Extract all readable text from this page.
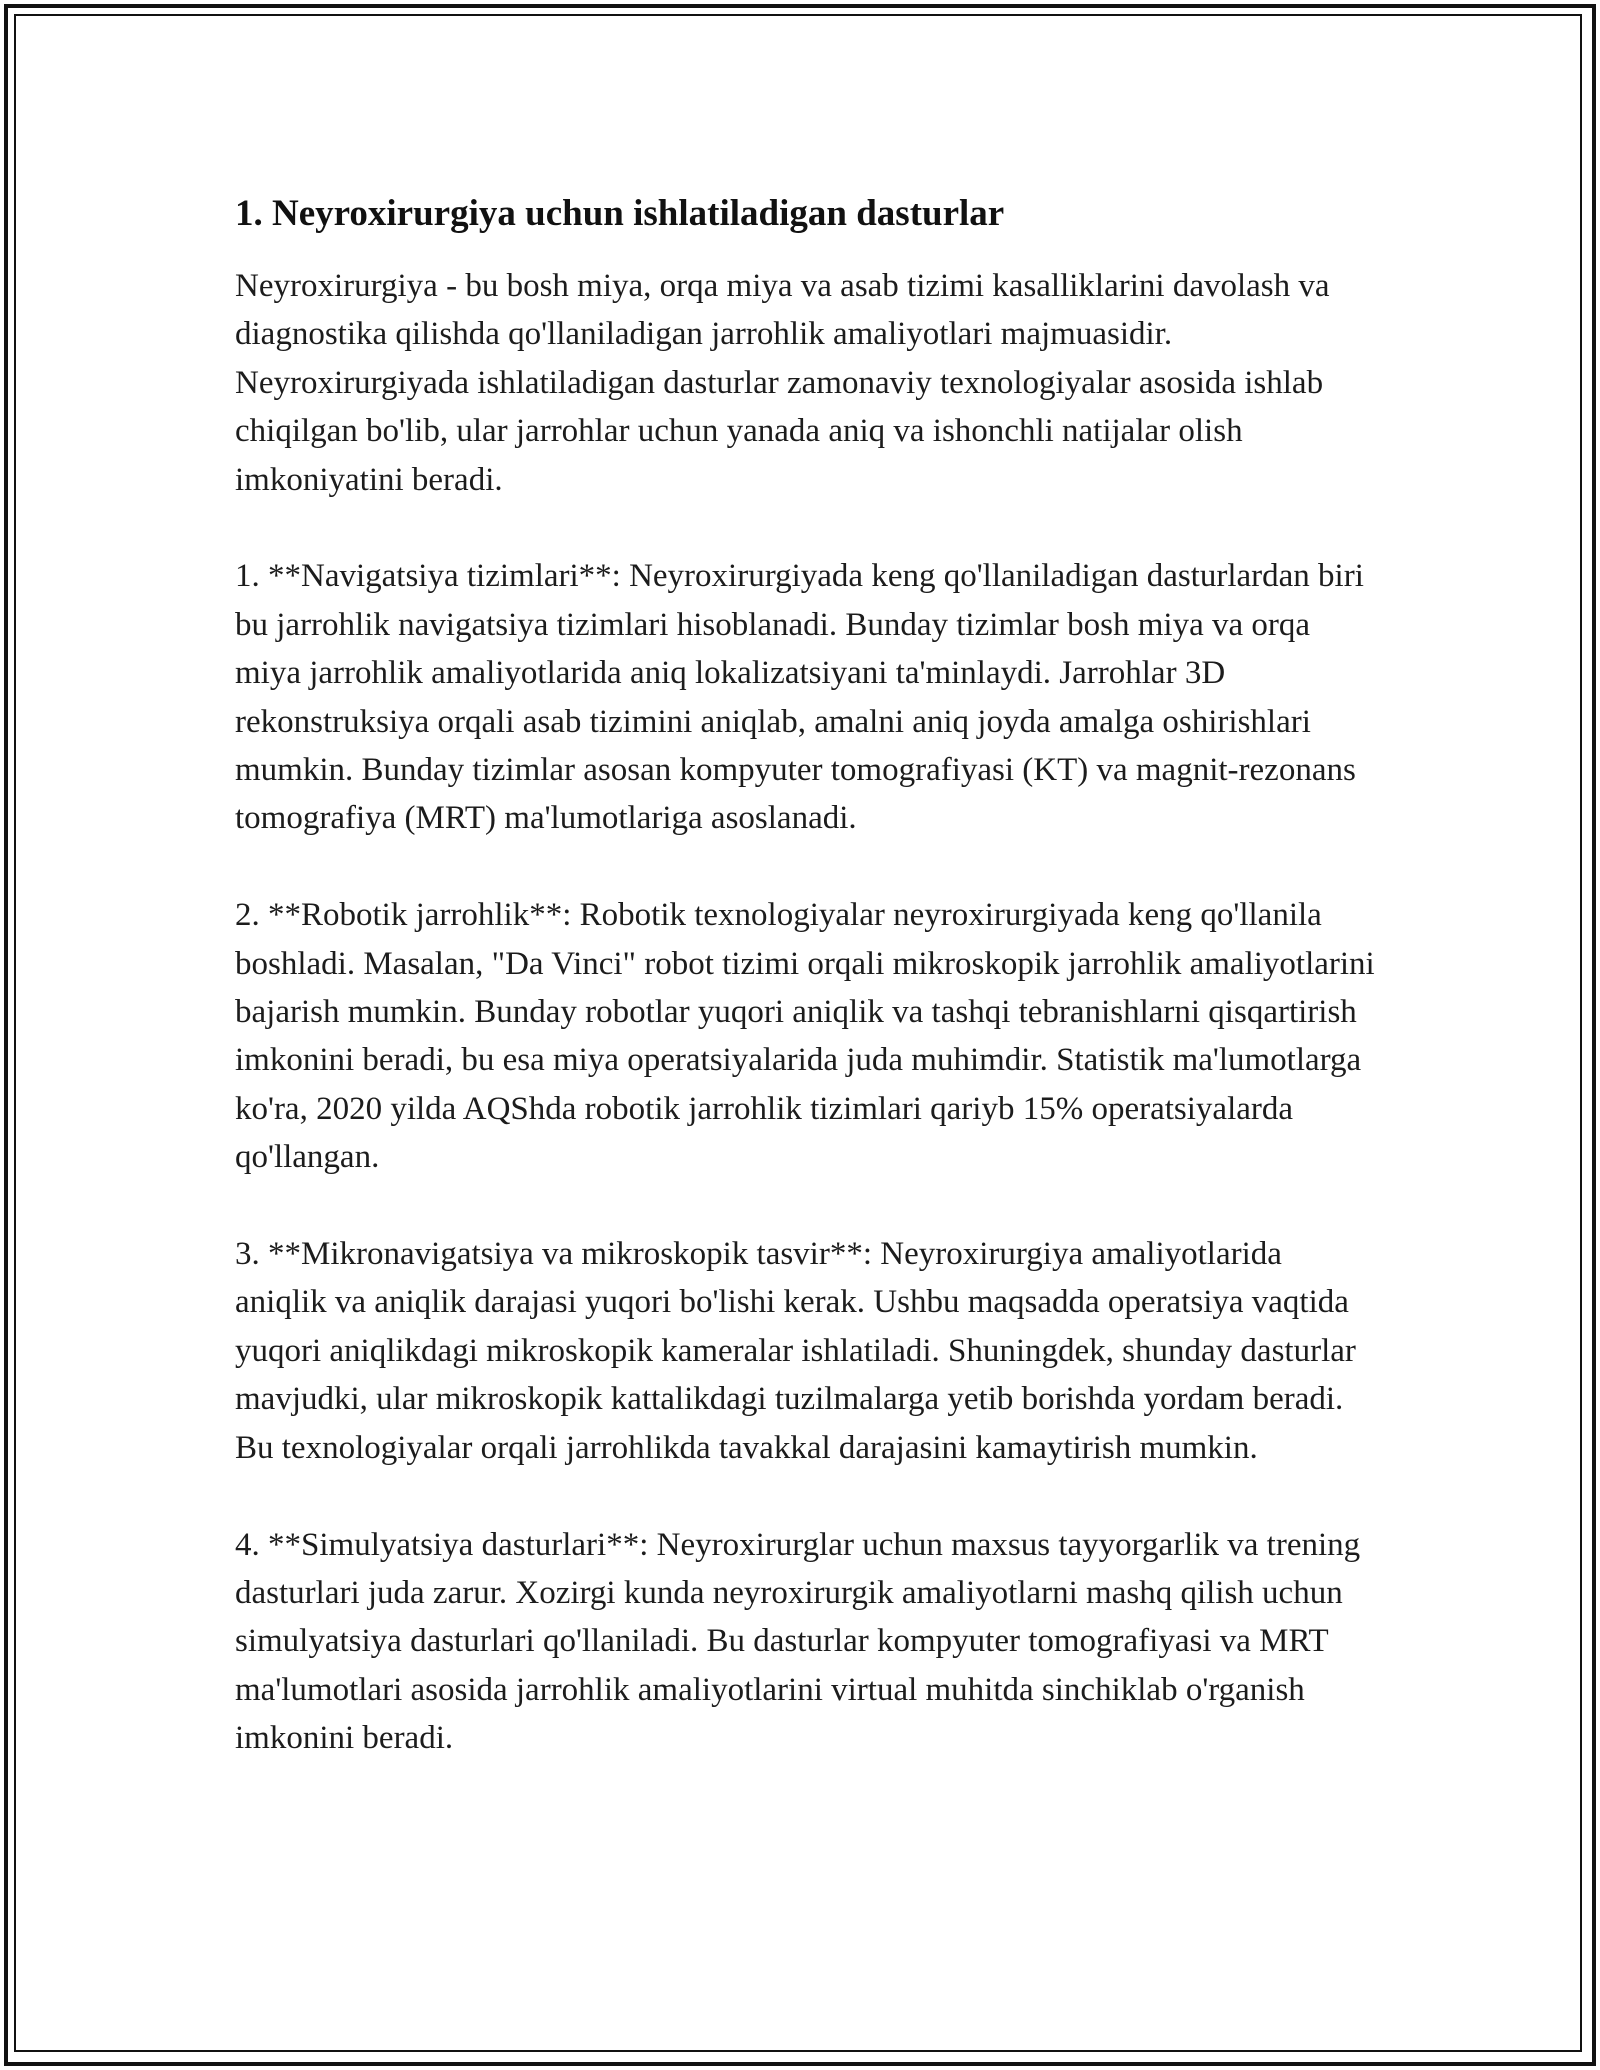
1. Neyroxirurgiya uchun ishlatiladigan dasturlar

Neyroxirurgiya - bu bosh miya, orqa miya va asab tizimi kasalliklarini davolash va diagnostika qilishda qo'llaniladigan jarrohlik amaliyotlari majmuasidir. Neyroxirurgiyada ishlatiladigan dasturlar zamonaviy texnologiyalar asosida ishlab chiqilgan bo'lib, ular jarrohlar uchun yanada aniq va ishonchli natijalar olish imkoniyatini beradi.

1. **Navigatsiya tizimlari**: Neyroxirurgiyada keng qo'llaniladigan dasturlardan biri bu jarrohlik navigatsiya tizimlari hisoblanadi. Bunday tizimlar bosh miya va orqa miya jarrohlik amaliyotlarida aniq lokalizatsiyani ta'minlaydi. Jarrohlar 3D rekonstruksiya orqali asab tizimini aniqlab, amalni aniq joyda amalga oshirishlari mumkin. Bunday tizimlar asosan kompyuter tomografiyasi (KT) va magnit-rezonans tomografiya (MRT) ma'lumotlariga asoslanadi.

2. **Robotik jarrohlik**: Robotik texnologiyalar neyroxirurgiyada keng qo'llanila boshladi. Masalan, "Da Vinci" robot tizimi orqali mikroskopik jarrohlik amaliyotlarini bajarish mumkin. Bunday robotlar yuqori aniqlik va tashqi tebranishlarni qisqartirish imkonini beradi, bu esa miya operatsiyalarida juda muhimdir. Statistik ma'lumotlarga ko'ra, 2020 yilda AQShda robotik jarrohlik tizimlari qariyb 15% operatsiyalarda qo'llangan.

3. **Mikronavigatsiya va mikroskopik tasvir**: Neyroxirurgiya amaliyotlarida aniqlik va aniqlik darajasi yuqori bo'lishi kerak. Ushbu maqsadda operatsiya vaqtida yuqori aniqlikdagi mikroskopik kameralar ishlatiladi. Shuningdek, shunday dasturlar mavjudki, ular mikroskopik kattalikdagi tuzilmalarga yetib borishda yordam beradi. Bu texnologiyalar orqali jarrohlikda tavakkal darajasini kamaytirish mumkin.

4. **Simulyatsiya dasturlari**: Neyroxirurglar uchun maxsus tayyorgarlik va trening dasturlari juda zarur. Xozirgi kunda neyroxirurgik amaliyotlarni mashq qilish uchun simulyatsiya dasturlari qo'llaniladi. Bu dasturlar kompyuter tomografiyasi va MRT ma'lumotlari asosida jarrohlik amaliyotlarini virtual muhitda sinchiklab o'rganish imkonini beradi.
